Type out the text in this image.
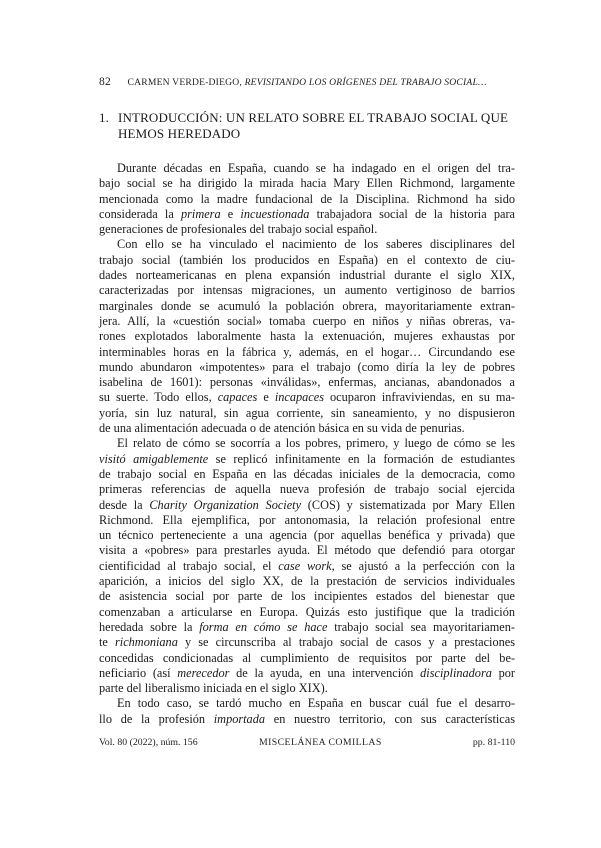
82 CARMEN VERDE-DIEGO, REVISITANDO LOS ORÍGENES DEL TRABAJO SOCIAL…
1. INTRODUCCIÓN: UN RELATO SOBRE EL TRABAJO SOCIAL QUE
HEMOS HEREDADO
Durante décadas en España, cuando se ha indagado en el origen del tra-
bajo social se ha dirigido la mirada hacia Mary Ellen Richmond, largamente
mencionada como la madre fundacional de la Disciplina. Richmond ha sido
considerada la primera e incuestionada trabajadora social de la historia para
generaciones de profesionales del trabajo social español.
Con ello se ha vinculado el nacimiento de los saberes disciplinares del
trabajo social (también los producidos en España) en el contexto de ciu-
dades norteamericanas en plena expansión industrial durante el siglo XIX,
caracterizadas por intensas migraciones, un aumento vertiginoso de barrios
marginales donde se acumuló la población obrera, mayoritariamente extran-
jera. Allí, la «cuestión social» tomaba cuerpo en niños y niñas obreras, va-
rones explotados laboralmente hasta la extenuación, mujeres exhaustas por
interminables horas en la fábrica y, además, en el hogar… Circundando ese
mundo abundaron «impotentes» para el trabajo (como diría la ley de pobres
isabelina de 1601): personas «inválidas», enfermas, ancianas, abandonados a
su suerte. Todo ellos, capaces e incapaces ocuparon infraviviendas, en su ma-
yoría, sin luz natural, sin agua corriente, sin saneamiento, y no dispusieron
de una alimentación adecuada o de atención básica en su vida de penurias.
El relato de cómo se socorría a los pobres, primero, y luego de cómo se les
visitó amigablemente se replicó infinitamente en la formación de estudiantes
de trabajo social en España en las décadas iniciales de la democracia, como
primeras referencias de aquella nueva profesión de trabajo social ejercida
desde la Charity Organization Society (COS) y sistematizada por Mary Ellen
Richmond. Ella ejemplifica, por antonomasia, la relación profesional entre
un técnico perteneciente a una agencia (por aquellas benéfica y privada) que
visita a «pobres» para prestarles ayuda. El método que defendió para otorgar
cientificidad al trabajo social, el case work, se ajustó a la perfección con la
aparición, a inicios del siglo XX, de la prestación de servicios individuales
de asistencia social por parte de los incipientes estados del bienestar que
comenzaban a articularse en Europa. Quizás esto justifique que la tradición
heredada sobre la forma en cómo se hace trabajo social sea mayoritariamen-
te richmoniana y se circunscriba al trabajo social de casos y a prestaciones
concedidas condicionadas al cumplimiento de requisitos por parte del be-
neficiario (así merecedor de la ayuda, en una intervención disciplinadora por
parte del liberalismo iniciada en el siglo XIX).
En todo caso, se tardó mucho en España en buscar cuál fue el desarro-
llo de la profesión importada en nuestro territorio, con sus características
Vol. 80 (2022), núm. 156	MISCELÁNEA COMILLAS	pp. 81-110
